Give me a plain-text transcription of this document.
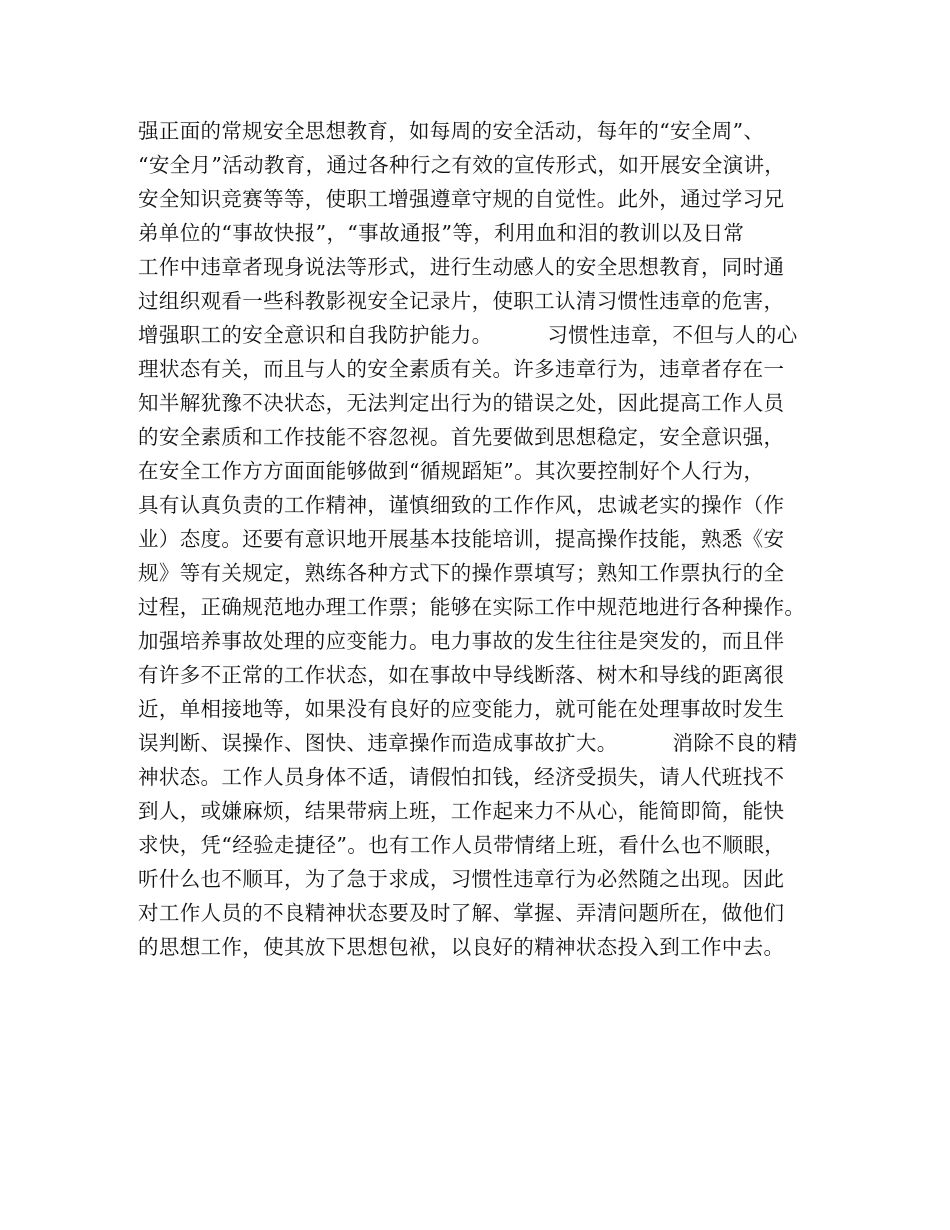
强正面的常规安全思想教育，如每周的安全活动，每年的“安全周”、
“安全月”活动教育，通过各种行之有效的宣传形式，如开展安全演讲，
安全知识竞赛等等，使职工增强遵章守规的自觉性。此外，通过学习兄
弟单位的“事故快报”，“事故通报”等，利用血和泪的教训以及日常
工作中违章者现身说法等形式，进行生动感人的安全思想教育，同时通
过组织观看一些科教影视安全记录片，使职工认清习惯性违章的危害，
增强职工的安全意识和自我防护能力。        习惯性违章，不但与人的心
理状态有关，而且与人的安全素质有关。许多违章行为，违章者存在一
知半解犹豫不决状态，无法判定出行为的错误之处，因此提高工作人员
的安全素质和工作技能不容忽视。首先要做到思想稳定，安全意识强，
在安全工作方方面面能够做到“循规蹈矩”。其次要控制好个人行为，
具有认真负责的工作精神，谨慎细致的工作作风，忠诚老实的操作（作
业）态度。还要有意识地开展基本技能培训，提高操作技能，熟悉《安
规》等有关规定，熟练各种方式下的操作票填写；熟知工作票执行的全
过程，正确规范地办理工作票；能够在实际工作中规范地进行各种操作。
加强培养事故处理的应变能力。电力事故的发生往往是突发的，而且伴
有许多不正常的工作状态，如在事故中导线断落、树木和导线的距离很
近，单相接地等，如果没有良好的应变能力，就可能在处理事故时发生
误判断、误操作、图快、违章操作而造成事故扩大。        消除不良的精
神状态。工作人员身体不适，请假怕扣钱，经济受损失，请人代班找不
到人，或嫌麻烦，结果带病上班，工作起来力不从心，能简即简，能快
求快，凭“经验走捷径”。也有工作人员带情绪上班，看什么也不顺眼，
听什么也不顺耳，为了急于求成，习惯性违章行为必然随之出现。因此
对工作人员的不良精神状态要及时了解、掌握、弄清问题所在，做他们
的思想工作，使其放下思想包袱，以良好的精神状态投入到工作中去。
